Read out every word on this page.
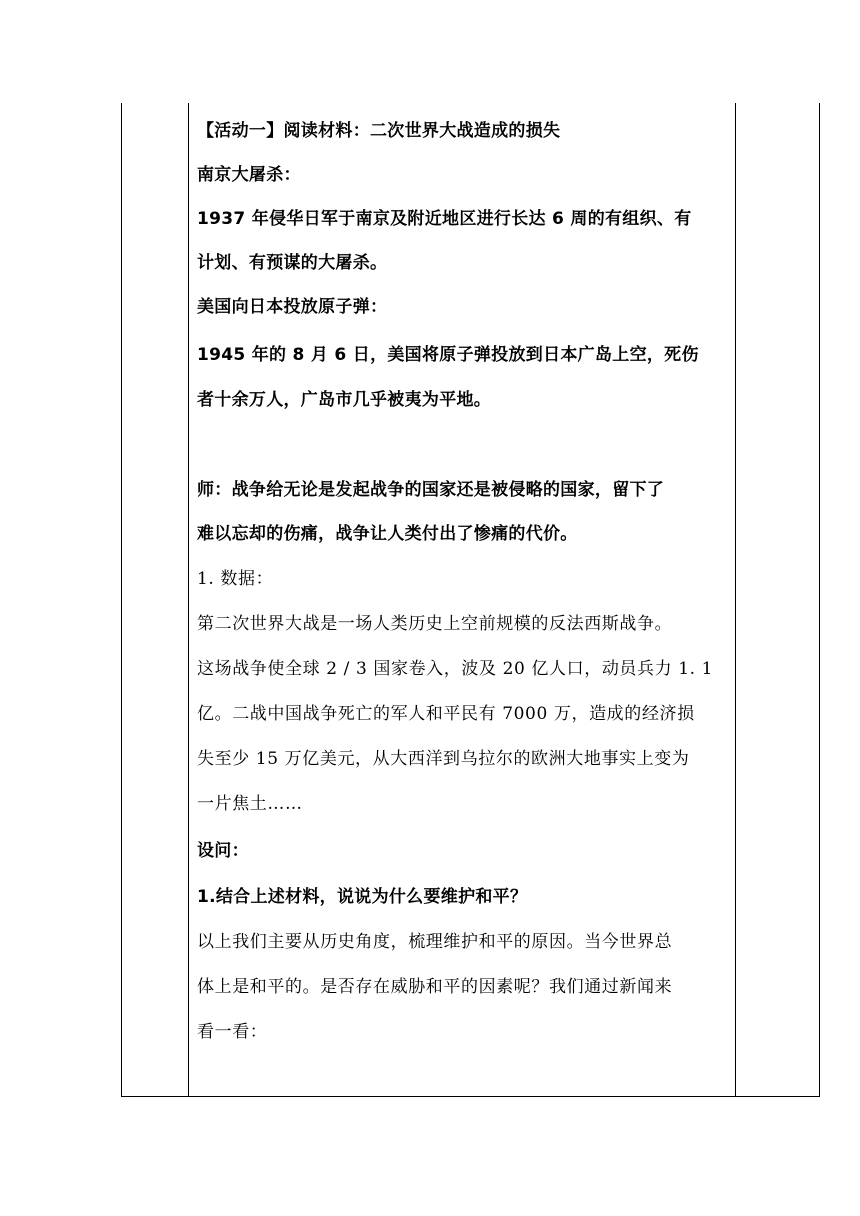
【活动一】阅读材料：二次世界大战造成的损失
南京大屠杀：
1937 年侵华日军于南京及附近地区进行长达 6 周的有组织、有
计划、有预谋的大屠杀。
美国向日本投放原子弹：
1945 年的 8 月 6 日，美国将原子弹投放到日本广岛上空，死伤
者十余万人，广岛市几乎被夷为平地。
师：战争给无论是发起战争的国家还是被侵略的国家，留下了
难以忘却的伤痛，战争让人类付出了惨痛的代价。
1. 数据：
第二次世界大战是一场人类历史上空前规模的反法西斯战争。
这场战争使全球 2 / 3 国家卷入，波及 20 亿人口，动员兵力 1. 1
亿。二战中国战争死亡的军人和平民有 7000 万，造成的经济损
失至少 15 万亿美元，从大西洋到乌拉尔的欧洲大地事实上变为
一片焦土……
设问：
1.结合上述材料，说说为什么要维护和平？
以上我们主要从历史角度，梳理维护和平的原因。当今世界总
体上是和平的。是否存在威胁和平的因素呢？我们通过新闻来
看一看：
